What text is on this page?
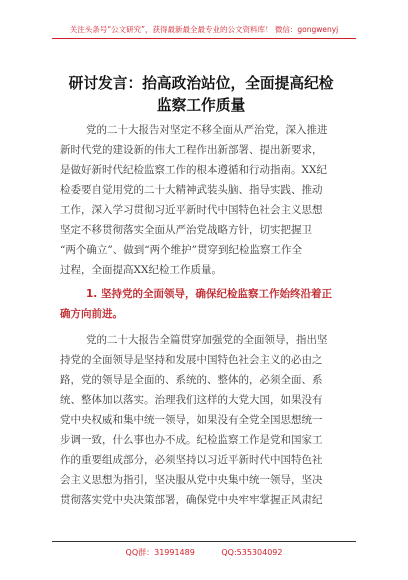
关注头条号“公文研究”，获得最新最全最专业的公文资料库！ 微信：gongwenyj
研讨发言：抬高政治站位，全面提高纪检
监察工作质量
党的二十大报告对坚定不移全面从严治党，深入推进
新时代党的建设新的伟大工程作出新部署、提出新要求，
是做好新时代纪检监察工作的根本遵循和行动指南。XX纪
检委要自觉用党的二十大精神武装头脑、指导实践、推动
工作，深入学习贯彻习近平新时代中国特色社会主义思想
坚定不移贯彻落实全面从严治党战略方针，切实把握卫
“两个确立”、做到“两个维护”贯穿到纪检监察工作全
过程，全面提高XX纪检工作质量。
1. 坚持党的全面领导，确保纪检监察工作始终沿着正
确方向前进。
党的二十大报告全篇贯穿加强党的全面领导，指出坚
持党的全面领导是坚持和发展中国特色社会主义的必由之
路，党的领导是全面的、系统的、整体的，必须全面、系
统、整体加以落实。治理我们这样的大党大国，如果没有
党中央权威和集中统一领导，如果没有全党全国思想统一
步调一致，什么事也办不成。纪检监察工作是党和国家工
作的重要组成部分，必须坚持以习近平新时代中国特色社
会主义思想为指引，坚决服从党中央集中统一领导，坚决
贯彻落实党中央决策部署，确保党中央牢牢掌握正风肃纪
QQ群：31991489	QQ:535304092
